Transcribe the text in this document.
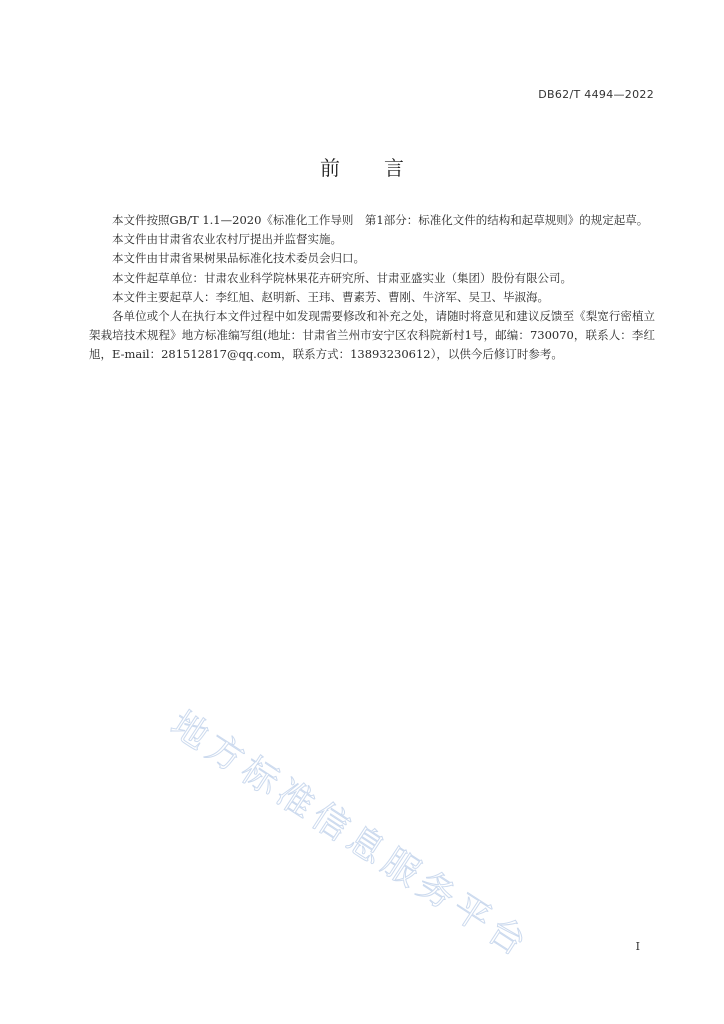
DB62/T 4494—2022
前言

本文件按照GB/T 1.1—2020《标准化工作导则　第1部分：标准化文件的结构和起草规则》的规定起草。

本文件由甘肃省农业农村厅提出并监督实施。

本文件由甘肃省果树果品标准化技术委员会归口。

本文件起草单位：甘肃农业科学院林果花卉研究所、甘肃亚盛实业（集团）股份有限公司。

本文件主要起草人：李红旭、赵明新、王玮、曹素芳、曹刚、牛济军、吴卫、毕淑海。

各单位或个人在执行本文件过程中如发现需要修改和补充之处，请随时将意见和建议反馈至《梨宽行密植立架栽培技术规程》地方标准编写组(地址：甘肃省兰州市安宁区农科院新村1号，邮编：730070，联系人：李红旭，E-mail：281512817@qq.com，联系方式：13893230612），以供今后修订时参考。

地方标准信息服务平台	I
